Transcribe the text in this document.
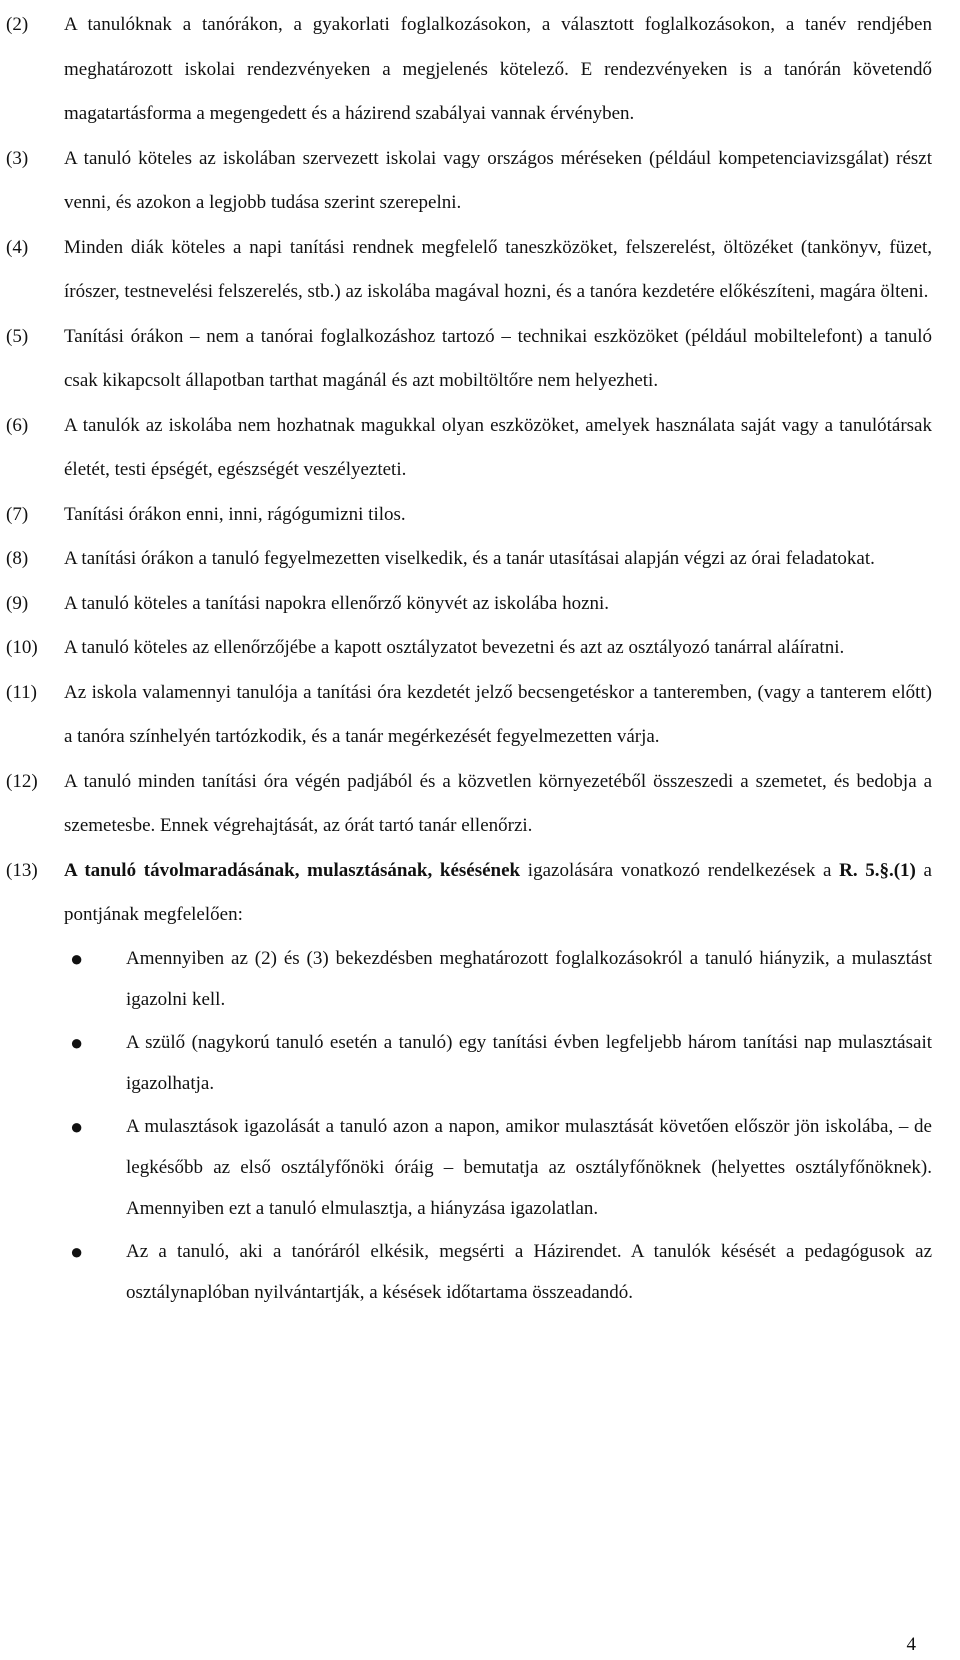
(2)	A tanulóknak a tanórákon, a gyakorlati foglalkozásokon, a választott foglalkozásokon, a tanév rendjében meghatározott iskolai rendezvényeken a megjelenés kötelező. E rendezvényeken is a tanórán követendő magatartásforma a megengedett és a házirend szabályai vannak érvényben.
(3)	A tanuló köteles az iskolában szervezett iskolai vagy országos méréseken (például kompetenciavizsgálat) részt venni, és azokon a legjobb tudása szerint szerepelni.
(4)	Minden diák köteles a napi tanítási rendnek megfelelő taneszközöket, felszerelést, öltözéket (tankönyv, füzet, írószer, testnevelési felszerelés, stb.) az iskolába magával hozni, és a tanóra kezdetére előkészíteni, magára ölteni.
(5)	Tanítási órákon – nem a tanórai foglalkozáshoz tartozó – technikai eszközöket (például mobiltelefont) a tanuló csak kikapcsolt állapotban tarthat magánál és azt mobiltöltőre nem helyezheti.
(6)	A tanulók az iskolába nem hozhatnak magukkal olyan eszközöket, amelyek használata saját vagy a tanulótársak életét, testi épségét, egészségét veszélyezteti.
(7)	Tanítási órákon enni, inni, rágógumizni tilos.
(8)	A tanítási órákon a tanuló fegyelmezetten viselkedik, és a tanár utasításai alapján végzi az órai feladatokat.
(9)	A tanuló köteles a tanítási napokra ellenőrző könyvét az iskolába hozni.
(10)	A tanuló köteles az ellenőrzőjébe a kapott osztályzatot bevezetni és azt az osztályozó tanárral aláíratni.
(11)	Az iskola valamennyi tanulója a tanítási óra kezdetét jelző becsengetéskor a tanteremben, (vagy a tanterem előtt) a tanóra színhelyén tartózkodik, és a tanár megérkezését fegyelmezetten várja.
(12)	A tanuló minden tanítási óra végén padjából és a közvetlen környezetéből összeszedi a szemetet, és bedobja a szemetesbe. Ennek végrehajtását, az órát tartó tanár ellenőrzi.
(13)	A tanuló távolmaradásának, mulasztásának, késésének igazolására vonatkozó rendelkezések a R. 5.§.(1) a pontjának megfelelően:
●	Amennyiben az (2) és (3) bekezdésben meghatározott foglalkozásokról a tanuló hiányzik, a mulasztást igazolni kell.
●	A szülő (nagykorú tanuló esetén a tanuló) egy tanítási évben legfeljebb három tanítási nap mulasztásait igazolhatja.
●	A mulasztások igazolását a tanuló azon a napon, amikor mulasztását követően először jön iskolába, – de legkésőbb az első osztályfőnöki óráig – bemutatja az osztályfőnöknek (helyettes osztályfőnöknek). Amennyiben ezt a tanuló elmulasztja, a hiányzása igazolatlan.
●	Az a tanuló, aki a tanóráról elkésik, megsérti a Házirendet. A tanulók késését a pedagógusok az osztálynaplóban nyilvántartják, a késések időtartama összeadandó.
4
